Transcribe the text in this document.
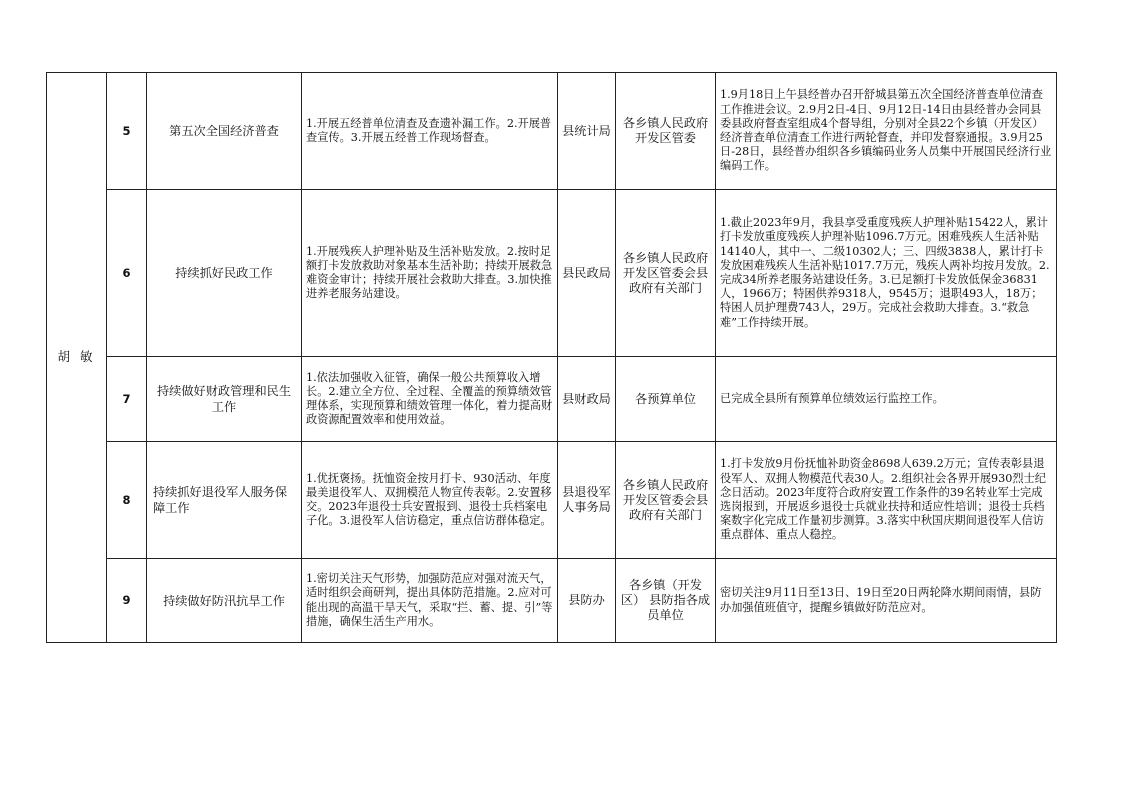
胡敏	5	第五次全国经济普查	1.开展五经普单位清查及查遗补漏工作。2.开展普查宣传。3.开展五经普工作现场督查。	县统计局	各乡镇人民政府开发区管委	1.9月18日上午县经普办召开舒城县第五次全国经济普查单位清查工作推进会议。2.9月2日-4日、9月12日-14日由县经普办会同县委县政府督查室组成4个督导组，分别对全县22个乡镇（开发区）经济普查单位清查工作进行两轮督查，并印发督察通报。3.9月25日-28日，县经普办组织各乡镇编码业务人员集中开展国民经济行业编码工作。
	6	持续抓好民政工作	1.开展残疾人护理补贴及生活补贴发放。2.按时足额打卡发放救助对象基本生活补助；持续开展救急难资金审计；持续开展社会救助大排查。3.加快推进养老服务站建设。	县民政局	各乡镇人民政府开发区管委会县政府有关部门	1.截止2023年9月，我县享受重度残疾人护理补贴15422人，累计打卡发放重度残疾人护理补贴1096.7万元。困难残疾人生活补贴14140人，其中一、二级10302人；三、四级3838人，累计打卡发放困难残疾人生活补贴1017.7万元，残疾人两补均按月发放。2.完成34所养老服务站建设任务。3.已足额打卡发放低保金36831人，1966万；特困供养9318人，9545万；退职493人，18万；特困人员护理费743人，29万。完成社会救助大排查。3.“救急难”工作持续开展。
	7	持续做好财政管理和民生工作	1.依法加强收入征管，确保一般公共预算收入增长。2.建立全方位、全过程、全覆盖的预算绩效管理体系，实现预算和绩效管理一体化，着力提高财政资源配置效率和使用效益。	县财政局	各预算单位	已完成全县所有预算单位绩效运行监控工作。
	8	持续抓好退役军人服务保障工作	1.优抚褒扬。抚恤资金按月打卡、930活动、年度最美退役军人、双拥模范人物宣传表彰。2.安置移交。2023年退役士兵安置报到、退役士兵档案电子化。3.退役军人信访稳定，重点信访群体稳定。	县退役军人事务局	各乡镇人民政府开发区管委会县政府有关部门	1.打卡发放9月份抚恤补助资金8698人639.2万元；宣传表彰县退役军人、双拥人物模范代表30人。2.组织社会各界开展930烈士纪念日活动。2023年度符合政府安置工作条件的39名转业军士完成选岗报到，开展返乡退役士兵就业扶持和适应性培训；退役士兵档案数字化完成工作量初步测算。3.落实中秋国庆期间退役军人信访重点群体、重点人稳控。
	9	持续做好防汛抗旱工作	1.密切关注天气形势，加强防范应对强对流天气，适时组织会商研判，提出具体防范措施。2.应对可能出现的高温干旱天气，采取“拦、蓄、提、引”等措施，确保生活生产用水。	县防办	各乡镇（开发区） 县防指各成员单位	密切关注9月11日至13日、19日至20日两轮降水期间雨情，县防办加强值班值守，提醒乡镇做好防范应对。
